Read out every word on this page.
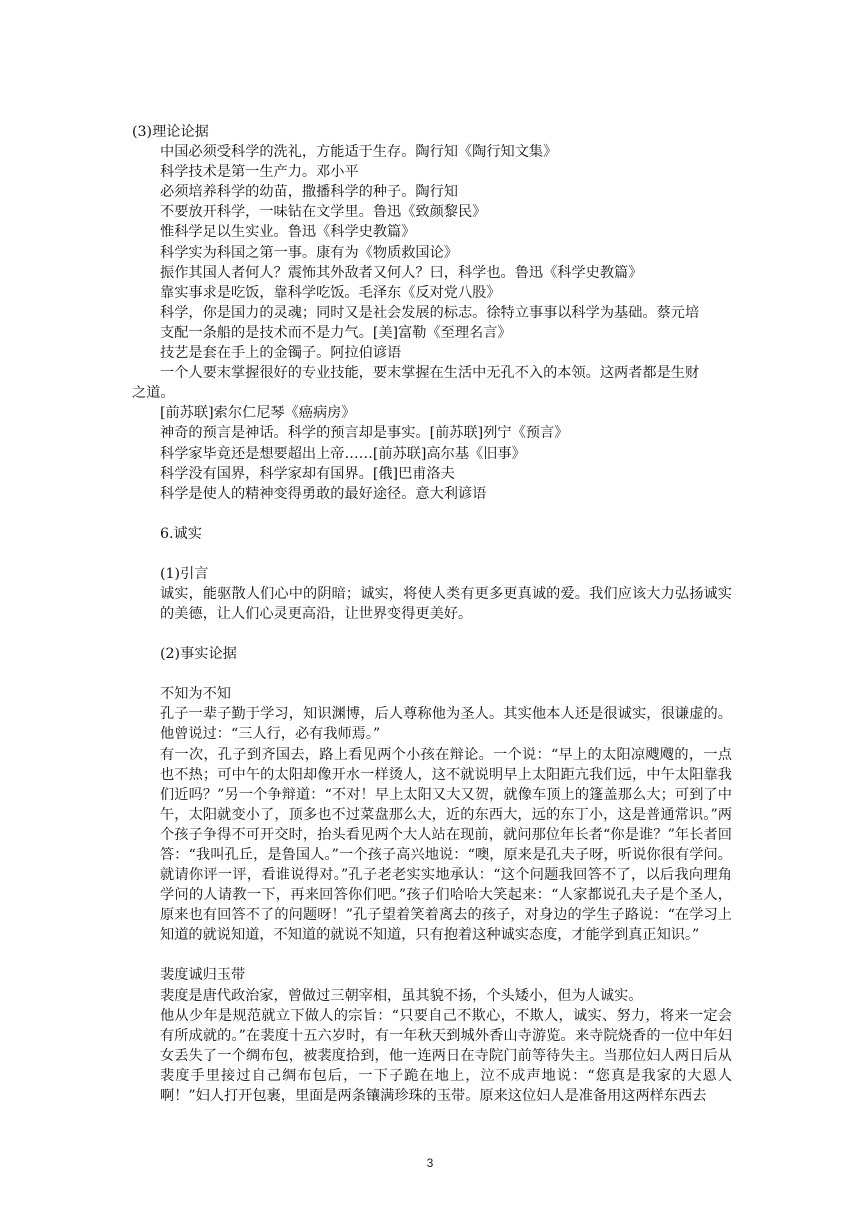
(3)理论论据
中国必须受科学的洗礼，方能适于生存。陶行知《陶行知文集》
科学技术是第一生产力。邓小平
必须培养科学的幼苗，撒播科学的种子。陶行知
不要放开科学，一味钻在文学里。鲁迅《致颜黎民》
惟科学足以生实业。鲁迅《科学史教篇》
科学实为科国之第一事。康有为《物质救国论》
振作其国人者何人？震怖其外敌者又何人？曰，科学也。鲁迅《科学史教篇》
靠实事求是吃饭，靠科学吃饭。毛泽东《反对党八股》
科学，你是国力的灵魂；同时又是社会发展的标志。徐特立事事以科学为基础。蔡元培
支配一条船的是技术而不是力气。[美]富勒《至理名言》
技艺是套在手上的金镯子。阿拉伯谚语
一个人要末掌握很好的专业技能，要末掌握在生活中无孔不入的本领。这两者都是生财
之道。
[前苏联]索尔仁尼琴《癌病房》
神奇的预言是神话。科学的预言却是事实。[前苏联]列宁《预言》
科学家毕竟还是想要超出上帝……[前苏联]高尔基《旧事》
科学没有国界，科学家却有国界。[俄]巴甫洛夫
科学是使人的精神变得勇敢的最好途径。意大利谚语
6.诚实
(1)引言
诚实，能驱散人们心中的阴暗；诚实，将使人类有更多更真诚的爱。我们应该大力弘扬诚实的美德，让人们心灵更高沿，让世界变得更美好。
(2)事实论据
不知为不知
孔子一辈子勤于学习，知识渊博，后人尊称他为圣人。其实他本人还是很诚实，很谦虚的。他曾说过：“三人行，必有我师焉。”
有一次，孔子到齐国去，路上看见两个小孩在辩论。一个说：“早上的太阳凉飕飕的，一点也不热；可中午的太阳却像开水一样烫人，这不就说明早上太阳距亢我们远，中午太阳靠我们近吗？”另一个争辩道：“不对！早上太阳又大又贺，就像车顶上的篷盖那么大；可到了中午，太阳就变小了，顶多也不过菜盘那么大，近的东西大，远的东丁小，这是普通常识。”两个孩子争得不可开交时，抬头看见两个大人站在现前，就问那位年长者“你是谁？”年长者回答：“我叫孔丘，是鲁国人。”一个孩子高兴地说：“噢，原来是孔夫子呀，听说你很有学问。就请你评一评，看谁说得对。”孔子老老实实地承认：“这个问题我回答不了，以后我向理角学问的人请教一下，再来回答你们吧。”孩子们哈哈大笑起来：“人家都说孔夫子是个圣人，原来也有回答不了的问题呀！”孔子望着笑着离去的孩子，对身边的学生子路说：“在学习上知道的就说知道，不知道的就说不知道，只有抱着这种诚实态度，才能学到真正知识。”
裴度诚归玉带
裴度是唐代政治家，曾做过三朝宰相，虽其貌不扬，个头矮小，但为人诚实。
他从少年是规范就立下做人的宗旨：“只要自己不欺心，不欺人，诚实、努力，将来一定会有所成就的。”在裴度十五六岁时，有一年秋天到城外香山寺游览。来寺院烧香的一位中年妇女丢失了一个绸布包，被裴度拾到，他一连两日在寺院门前等待失主。当那位妇人两日后从裴度手里接过自己绸布包后，一下子跪在地上，泣不成声地说：“您真是我家的大恩人啊！”妇人打开包裹，里面是两条镶满珍珠的玉带。原来这位妇人是准备用这两样东西去
3
